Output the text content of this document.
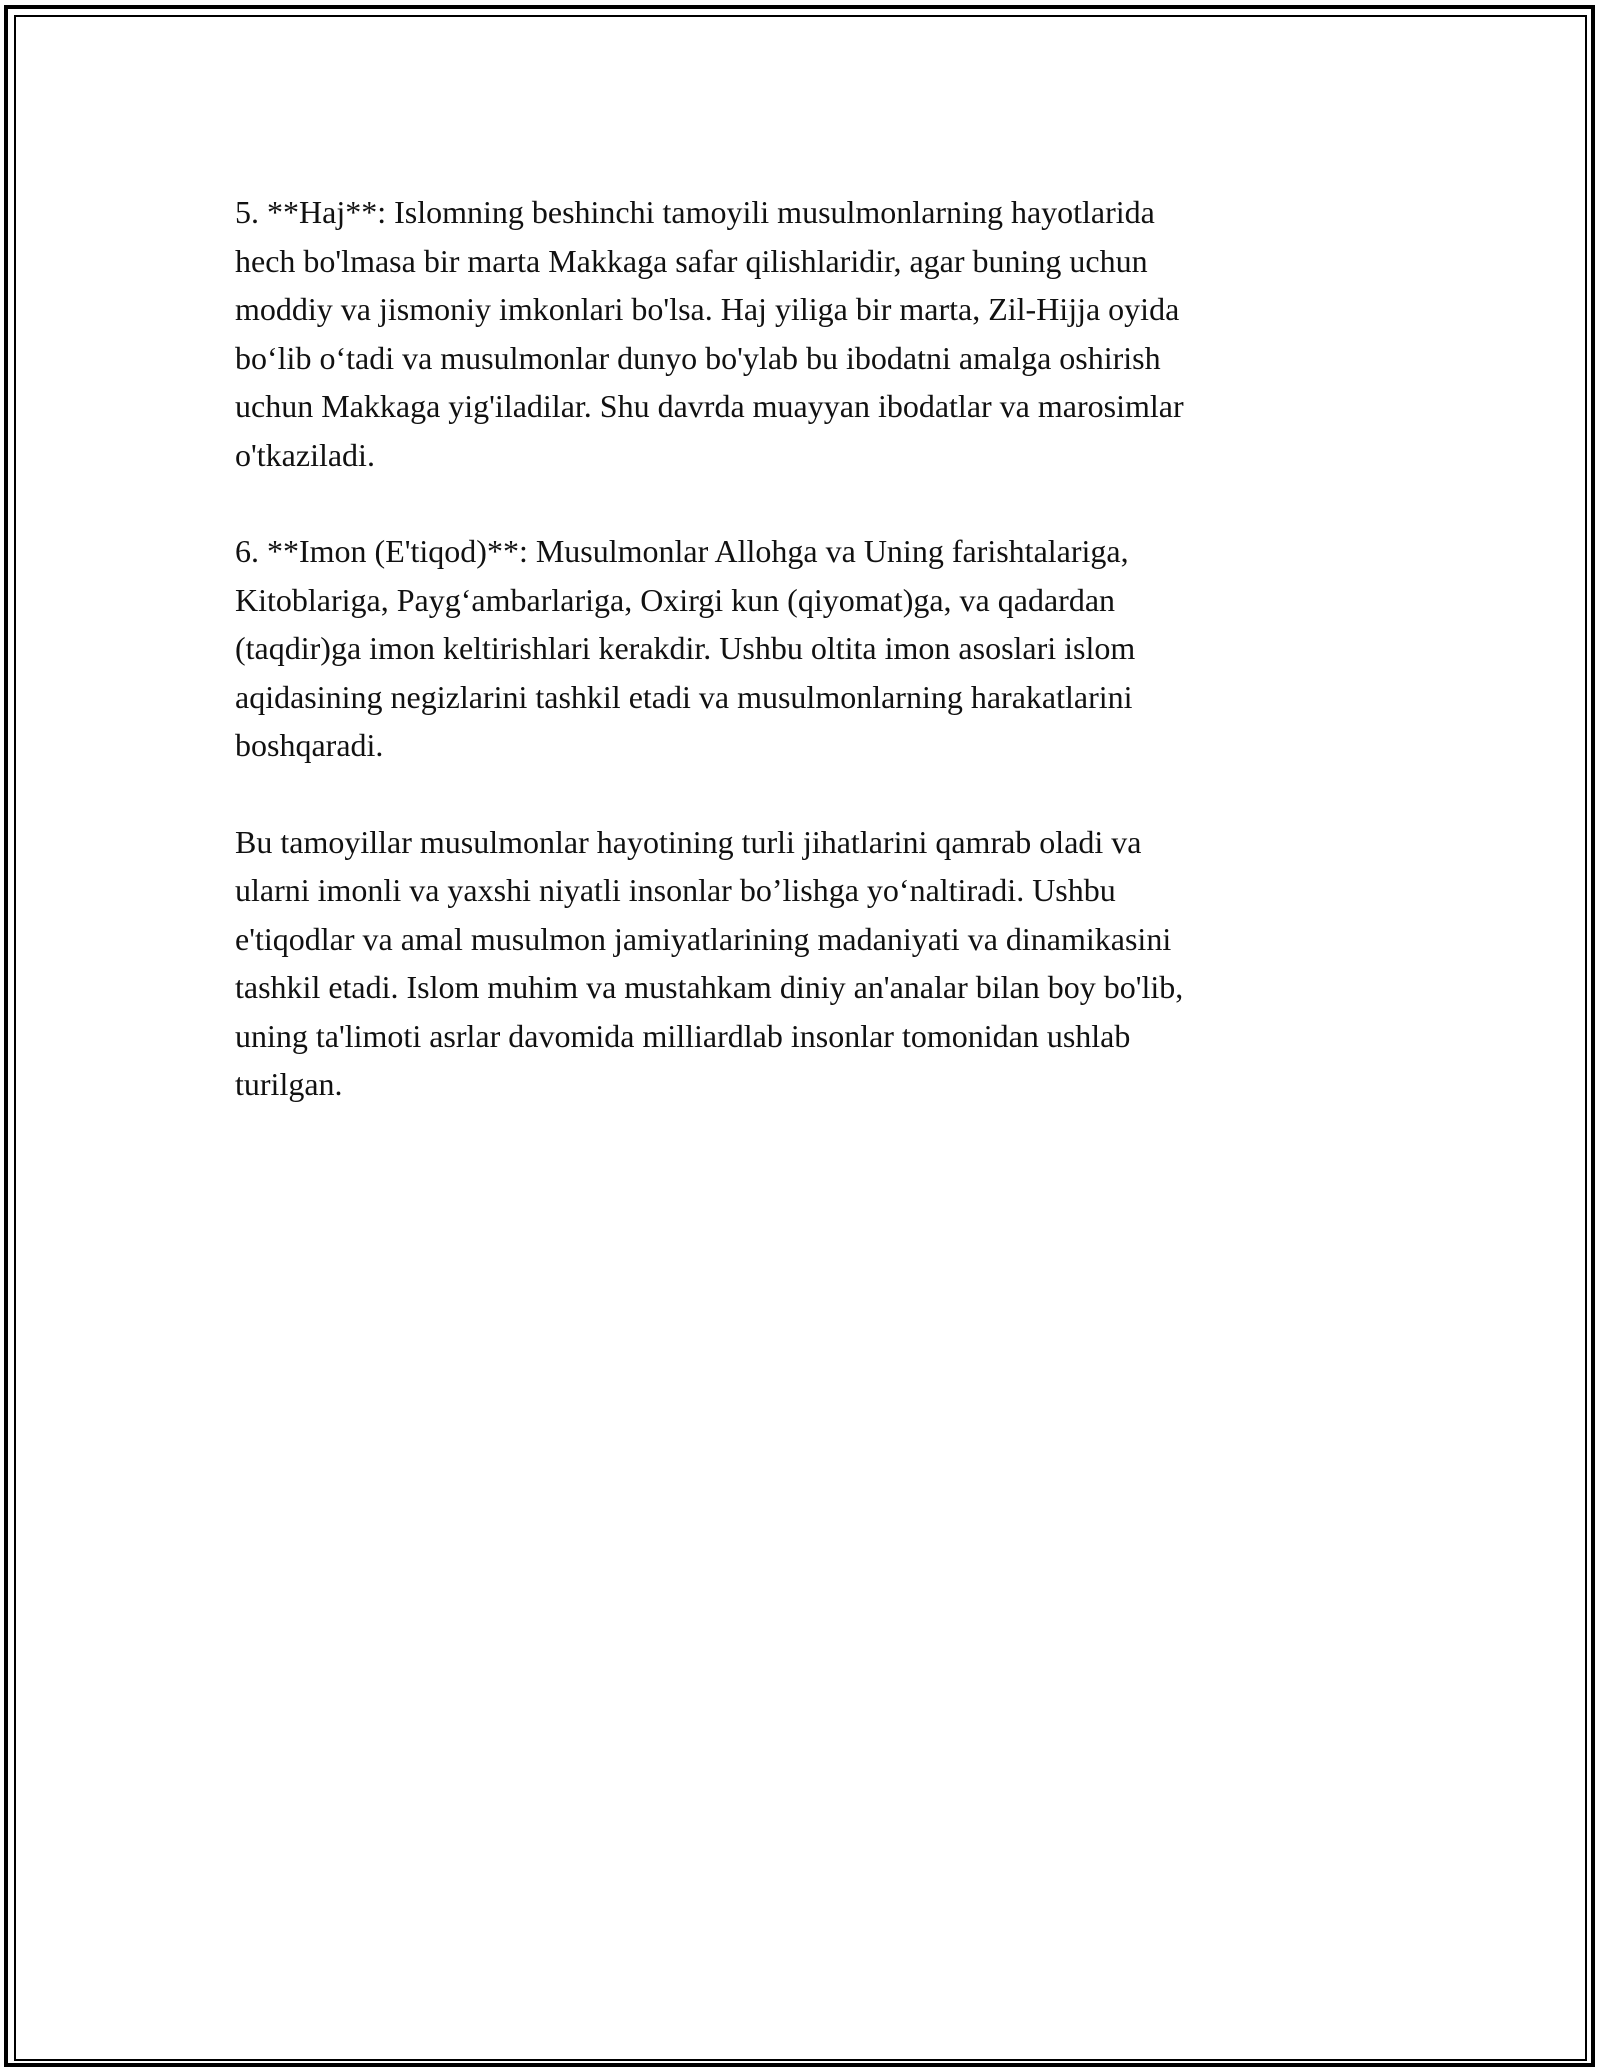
5. **Haj**: Islomning beshinchi tamoyili musulmonlarning hayotlarida
hech bo'lmasa bir marta Makkaga safar qilishlaridir, agar buning uchun
moddiy va jismoniy imkonlari bo'lsa. Haj yiliga bir marta, Zil-Hijja oyida
bo‘lib o‘tadi va musulmonlar dunyo bo'ylab bu ibodatni amalga oshirish
uchun Makkaga yig'iladilar. Shu davrda muayyan ibodatlar va marosimlar
o'tkaziladi.

6. **Imon (E'tiqod)**: Musulmonlar Allohga va Uning farishtalariga,
Kitoblariga, Payg‘ambarlariga, Oxirgi kun (qiyomat)ga, va qadardan
(taqdir)ga imon keltirishlari kerakdir. Ushbu oltita imon asoslari islom
aqidasining negizlarini tashkil etadi va musulmonlarning harakatlarini
boshqaradi.

Bu tamoyillar musulmonlar hayotining turli jihatlarini qamrab oladi va
ularni imonli va yaxshi niyatli insonlar bo’lishga yo‘naltiradi. Ushbu
e'tiqodlar va amal musulmon jamiyatlarining madaniyati va dinamikasini
tashkil etadi. Islom muhim va mustahkam diniy an'analar bilan boy bo'lib,
uning ta'limoti asrlar davomida milliardlab insonlar tomonidan ushlab
turilgan.
